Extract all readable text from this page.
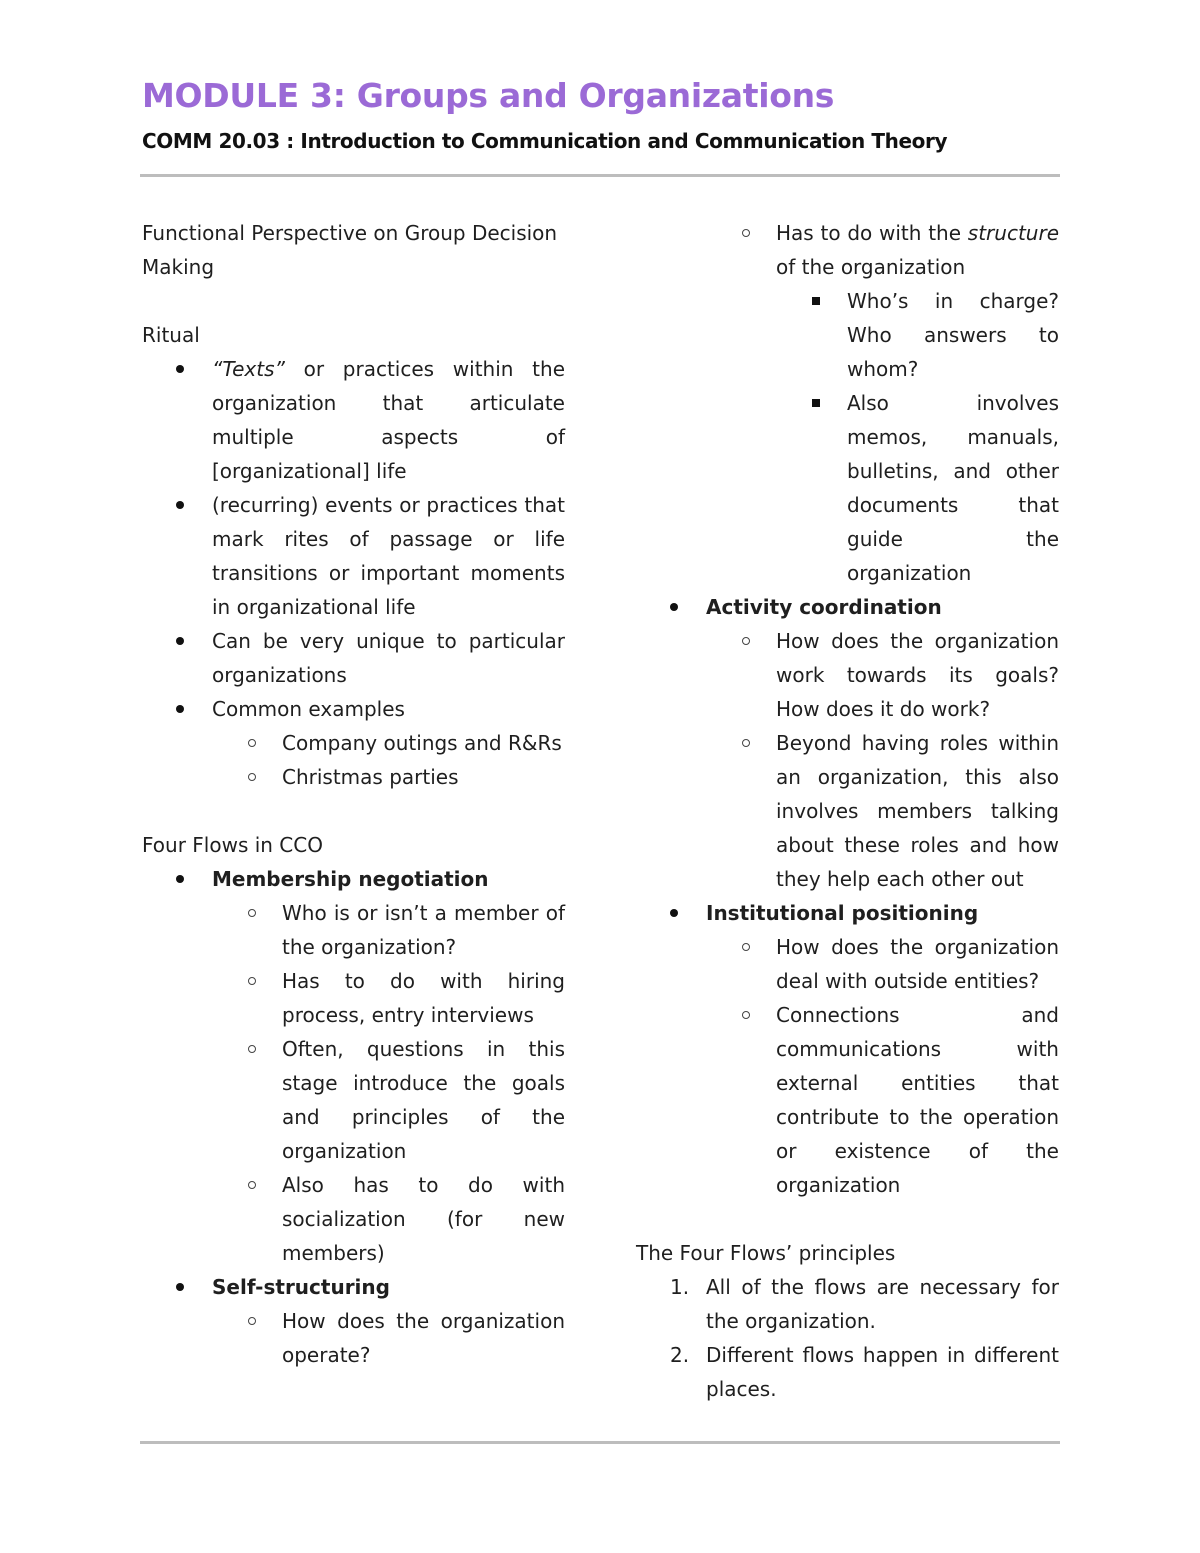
MODULE 3: Groups and Organizations
COMM 20.03 : Introduction to Communication and Communication Theory

Functional Perspective on Group Decision Making

Ritual

“Texts” or practices within the organization that articulate multiple aspects of [organizational] life
(recurring) events or practices that mark rites of passage or life transitions or important moments in organizational life
Can be very unique to particular organizations
Common examples
Company outings and R&Rs
Christmas parties

Four Flows in CCO

Membership negotiation
Who is or isn’t a member of the organization?
Has to do with hiring process, entry interviews
Often, questions in this stage introduce the goals and principles of the organization
Also has to do with socialization (for new members)
Self-structuring
How does the organization operate?
Has to do with the structure of the organization
Who’s in charge? Who answers to whom?
Also involves memos, manuals, bulletins, and other documents that guide the organization
Activity coordination
How does the organization work towards its goals? How does it do work?
Beyond having roles within an organization, this also involves members talking about these roles and how they help each other out
Institutional positioning
How does the organization deal with outside entities?
Connections and communications with external entities that contribute to the operation or existence of the organization

The Four Flows’ principles

1. All of the flows are necessary for the organization.
2. Different flows happen in different places.
